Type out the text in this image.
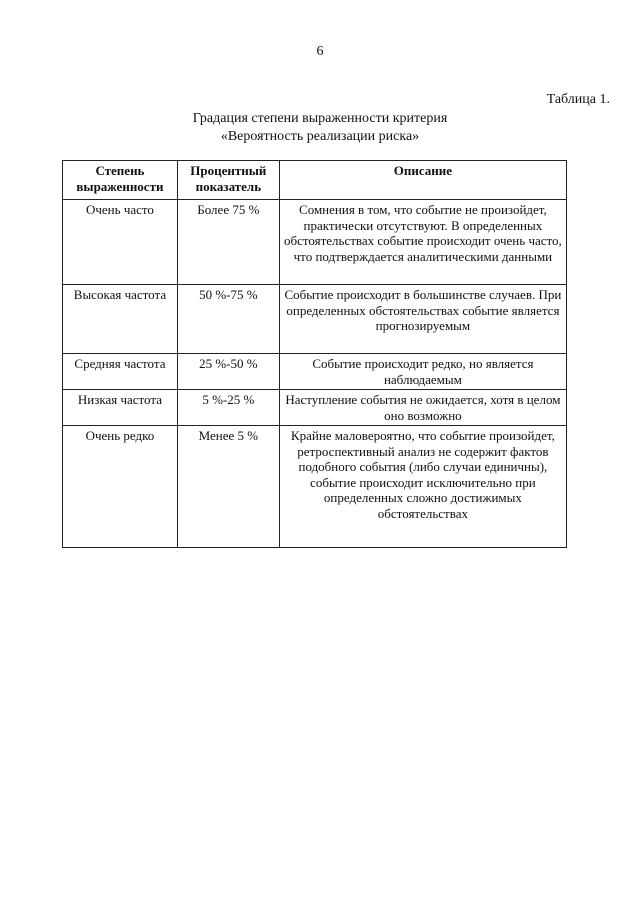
6
Таблица 1.
Градация степени выраженности критерия
«Вероятность реализации риска»
Степень выраженности	Процентный показатель	Описание
Очень часто	Более 75 %	Сомнения в том, что событие не произойдет, практически отсутствуют. В определенных обстоятельствах событие происходит очень часто, что подтверждается аналитическими данными
Высокая частота	50 %-75 %	Событие происходит в большинстве случаев. При определенных обстоятельствах событие является прогнозируемым
Средняя частота	25 %-50 %	Событие происходит редко, но является наблюдаемым
Низкая частота	5 %-25 %	Наступление события не ожидается, хотя в целом оно возможно
Очень редко	Менее 5 %	Крайне маловероятно, что событие произойдет, ретроспективный анализ не содержит фактов подобного события (либо случаи единичны), событие происходит исключительно при определенных сложно достижимых обстоятельствах
